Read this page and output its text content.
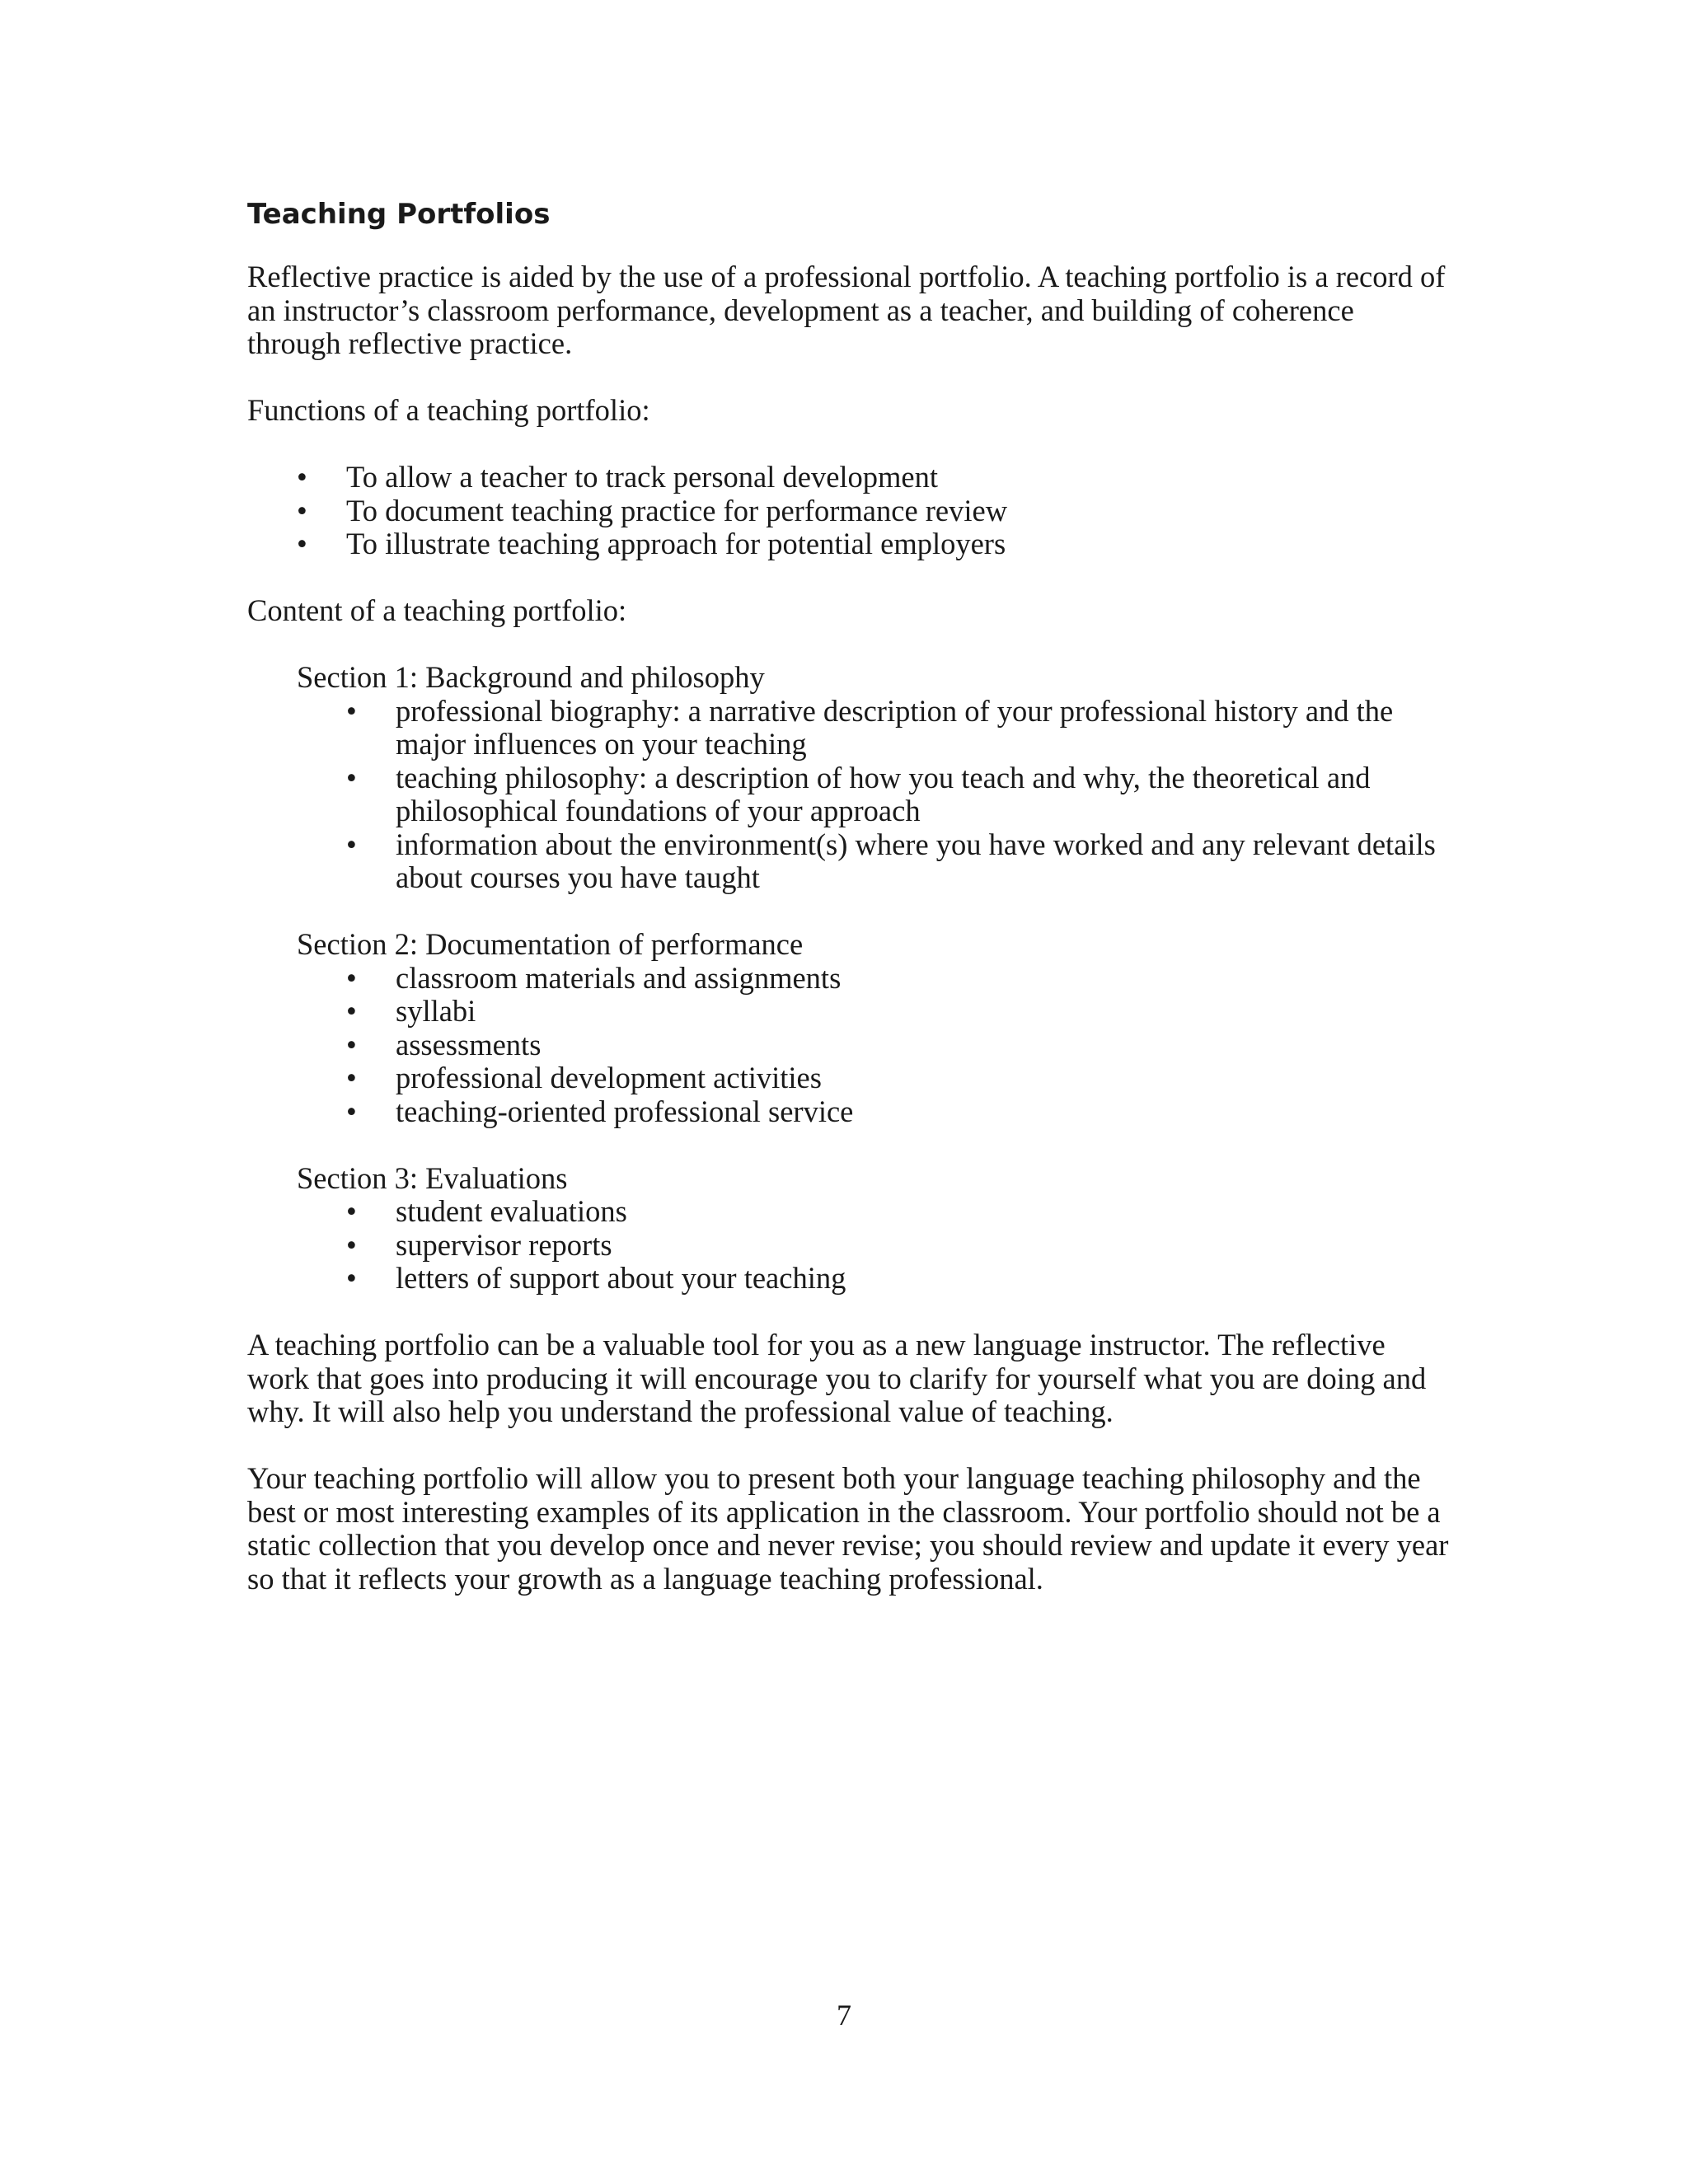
Teaching Portfolios

Reflective practice is aided by the use of a professional portfolio. A teaching portfolio is a record of an instructor’s classroom performance, development as a teacher, and building of coherence through reflective practice.

Functions of a teaching portfolio:

•	To allow a teacher to track personal development
•	To document teaching practice for performance review
•	To illustrate teaching approach for potential employers

Content of a teaching portfolio:

Section 1: Background and philosophy
•	professional biography: a narrative description of your professional history and the major influences on your teaching
•	teaching philosophy: a description of how you teach and why, the theoretical and philosophical foundations of your approach
•	information about the environment(s) where you have worked and any relevant details about courses you have taught
Section 2: Documentation of performance
•	classroom materials and assignments
•	syllabi
•	assessments
•	professional development activities
•	teaching-oriented professional service
Section 3: Evaluations
•	student evaluations
•	supervisor reports
•	letters of support about your teaching

A teaching portfolio can be a valuable tool for you as a new language instructor. The reflective work that goes into producing it will encourage you to clarify for yourself what you are doing and why. It will also help you understand the professional value of teaching.

Your teaching portfolio will allow you to present both your language teaching philosophy and the best or most interesting examples of its application in the classroom. Your portfolio should not be a static collection that you develop once and never revise; you should review and update it every year so that it reflects your growth as a language teaching professional.

7
